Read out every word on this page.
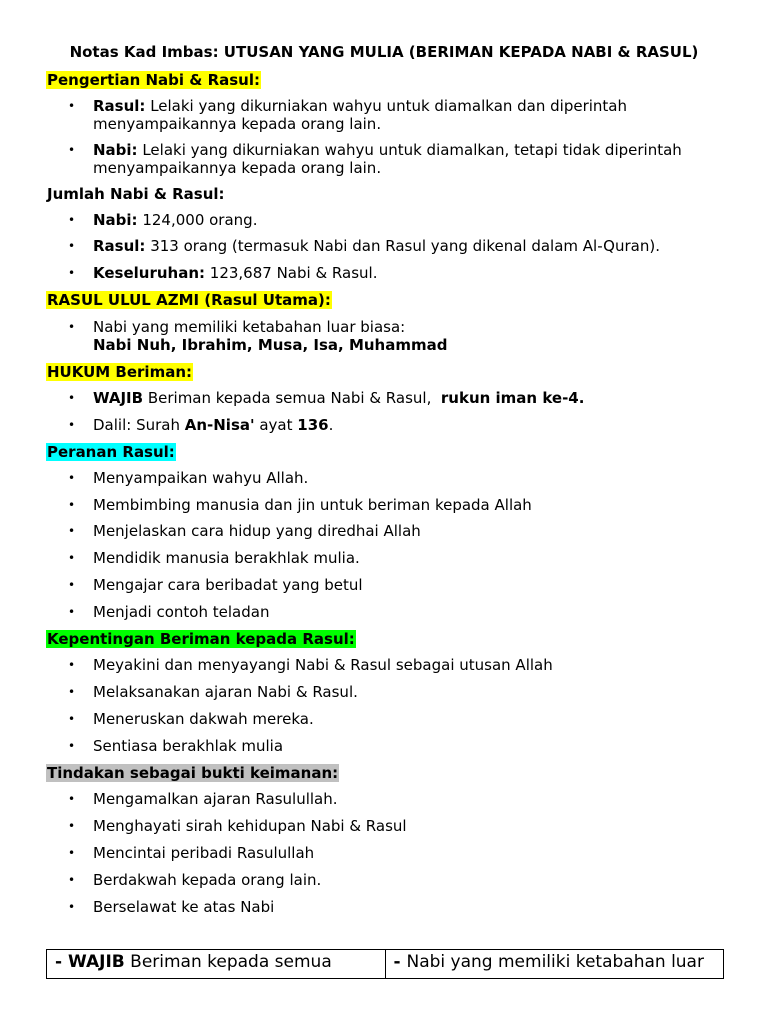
Notas Kad Imbas: UTUSAN YANG MULIA (BERIMAN KEPADA NABI & RASUL)
Pengertian Nabi & Rasul:
• Rasul: Lelaki yang dikurniakan wahyu untuk diamalkan dan diperintah menyampaikannya kepada orang lain.
• Nabi: Lelaki yang dikurniakan wahyu untuk diamalkan, tetapi tidak diperintah menyampaikannya kepada orang lain.
Jumlah Nabi & Rasul:
• Nabi: 124,000 orang.
• Rasul: 313 orang (termasuk Nabi dan Rasul yang dikenal dalam Al-Quran).
• Keseluruhan: 123,687 Nabi & Rasul.
RASUL ULUL AZMI (Rasul Utama):
• Nabi yang memiliki ketabahan luar biasa:
Nabi Nuh, Ibrahim, Musa, Isa, Muhammad
HUKUM Beriman:
• WAJIB Beriman kepada semua Nabi & Rasul,  rukun iman ke-4.
• Dalil: Surah An-Nisa' ayat 136.
Peranan Rasul:
• Menyampaikan wahyu Allah.
• Membimbing manusia dan jin untuk beriman kepada Allah
• Menjelaskan cara hidup yang diredhai Allah
• Mendidik manusia berakhlak mulia.
• Mengajar cara beribadat yang betul
• Menjadi contoh teladan
Kepentingan Beriman kepada Rasul:
• Meyakini dan menyayangi Nabi & Rasul sebagai utusan Allah
• Melaksanakan ajaran Nabi & Rasul.
• Meneruskan dakwah mereka.
• Sentiasa berakhlak mulia
Tindakan sebagai bukti keimanan:
• Mengamalkan ajaran Rasulullah.
• Menghayati sirah kehidupan Nabi & Rasul
• Mencintai peribadi Rasulullah
• Berdakwah kepada orang lain.
• Berselawat ke atas Nabi
- WAJIB Beriman kepada semua	- Nabi yang memiliki ketabahan luar
